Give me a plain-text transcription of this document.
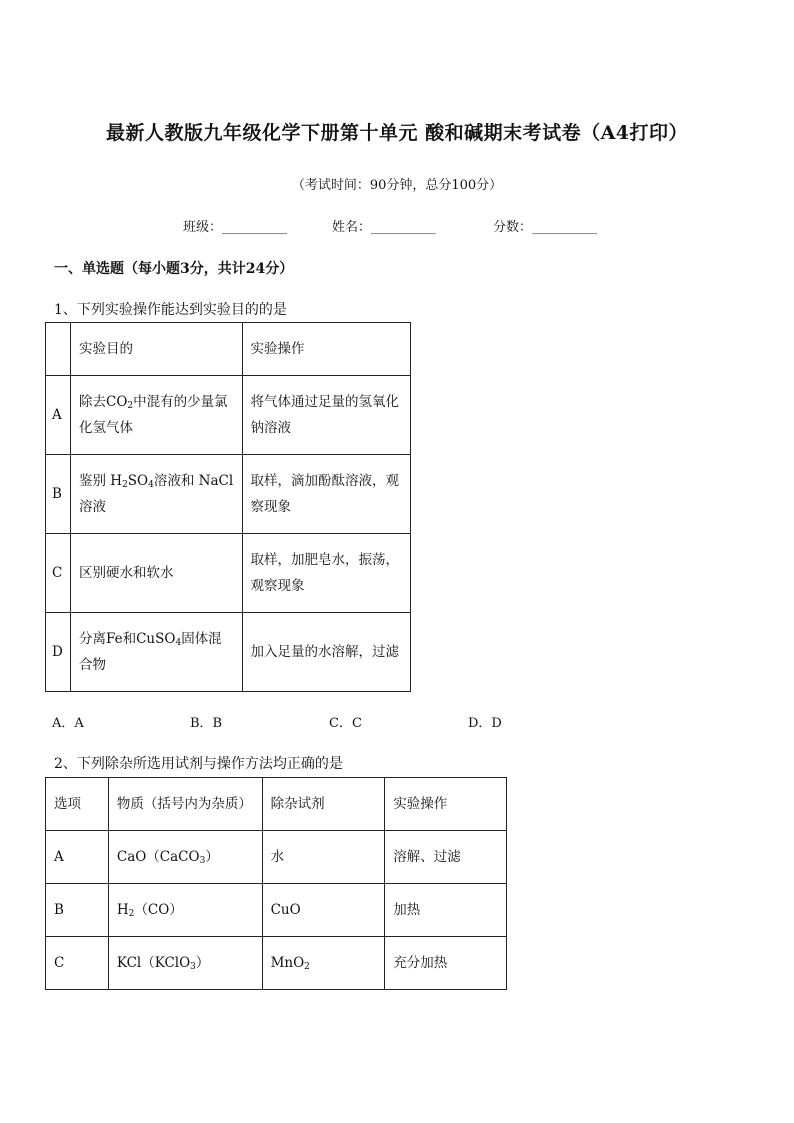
最新人教版九年级化学下册第十单元 酸和碱期末考试卷（A4打印）
（考试时间：90分钟，总分100分）
班级：__________	姓名：__________	分数：__________
一、单选题（每小题3分，共计24分）
1、下列实验操作能达到实验目的的是
	实验目的	实验操作
A	除去$CO_2$中混有的少量氯化氢气体	将气体通过足量的氢氧化钠溶液
B	鉴别 $H_2SO_4$溶液和 NaCl 溶液	取样，滴加酚酞溶液，观察现象
C	区别硬水和软水	取样，加肥皂水，振荡，观察现象
D	分离Fe和CuSO$_4$固体混合物	加入足量的水溶解，过滤
A．A	B．B	C．C	D．D
2、下列除杂所选用试剂与操作方法均正确的是
选项	物质（括号内为杂质）	除杂试剂	实验操作
A	CaO（CaCO$_3$）	水	溶解、过滤
B	$H_2(CO)$	CuO	加热
C	KCl（KClO$_3$）	MnO$_2$	充分加热
